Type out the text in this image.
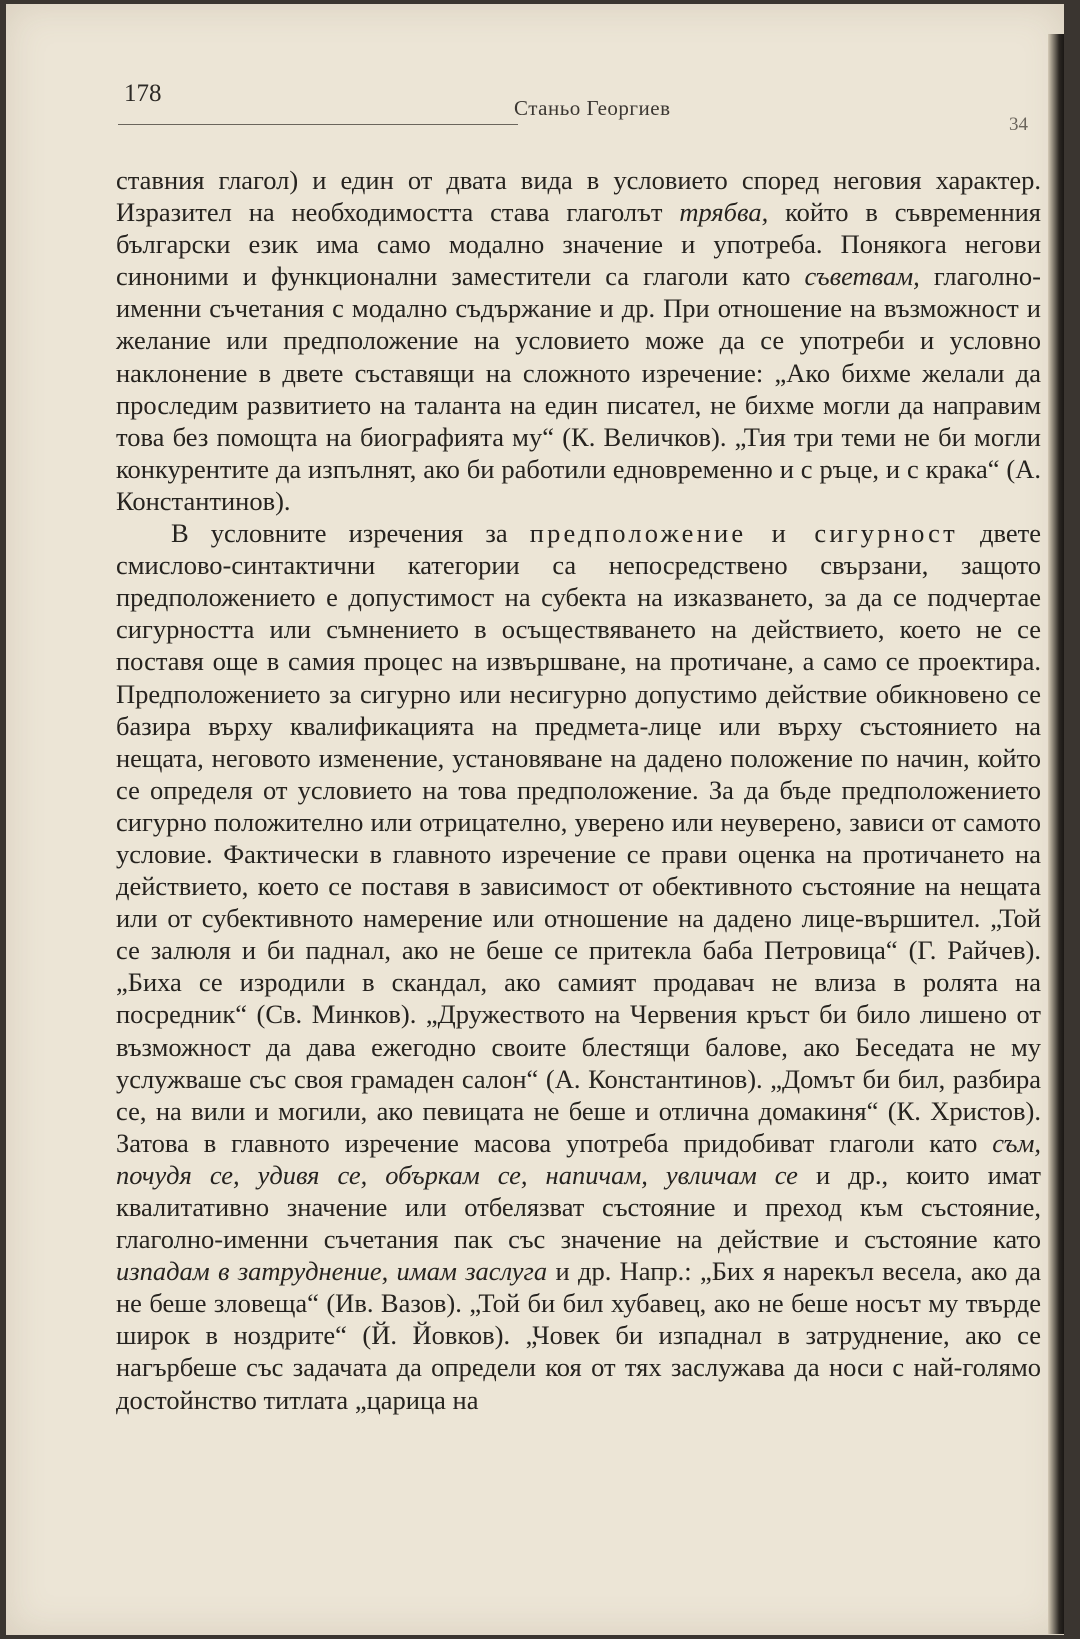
178
Станьо Георгиев
34

ставния глагол) и един от двата вида в условието според неговия характер. Изразител на необходимостта става глаголът трябва, който в съвременния български език има само модално значение и употреба. Понякога негови синоними и функционални заместители са глаголи като съветвам, глаголно-именни съчетания с модално съдържание и др. При отношение на възможност и желание или предположение на условието може да се употреби и условно наклонение в двете съставящи на сложното изречение: „Ако бихме желали да проследим развитието на таланта на един писател, не бихме могли да направим това без помощта на биографията му“ (К. Величков). „Тия три теми не би могли конкурентите да изпълнят, ако би работили едновременно и с ръце, и с крака“ (А. Константинов).

В условните изречения за предположение и сигурност двете смислово-синтактични категории са непосредствено свързани, защото предположението е допустимост на субекта на изказването, за да се подчертае сигурността или съмнението в осъществяването на действието, което не се поставя още в самия процес на извършване, на протичане, а само се проектира. Предположението за сигурно или несигурно допустимо действие обикновено се базира върху квалификацията на предмета-лице или върху състоянието на нещата, неговото изменение, установяване на дадено положение по начин, който се определя от условието на това предположение. За да бъде предположението сигурно положително или отрицателно, уверено или неуверено, зависи от самото условие. Фактически в главното изречение се прави оценка на протичането на действието, което се поставя в зависимост от обективното състояние на нещата или от субективното намерение или отношение на дадено лице-вършител. „Той се залюля и би паднал, ако не беше се притекла баба Петровица“ (Г. Райчев). „Биха се изродили в скандал, ако самият продавач не влиза в ролята на посредник“ (Св. Минков). „Дружеството на Червения кръст би било лишено от възможност да дава ежегодно своите блестящи балове, ако Беседата не му услужваше със своя грамаден салон“ (А. Константинов). „Домът би бил, разбира се, на вили и могили, ако певицата не беше и отлична домакиня“ (К. Христов). Затова в главното изречение масова употреба придобиват глаголи като съм, почудя се, удивя се, объркам се, напичам, увличам се и др., които имат квалитативно значение или отбелязват състояние и преход към състояние, глаголно-именни съчетания пак със значение на действие и състояние като изпадам в затруднение, имам заслуга и др. Напр.: „Бих я нарекъл весела, ако да не беше зловеща“ (Ив. Вазов). „Той би бил хубавец, ако не беше носът му твърде широк в ноздрите“ (Й. Йовков). „Човек би изпаднал в затруднение, ако се нагърбеше със задачата да определи коя от тях заслужава да носи с най-голямо достойнство титлата „царица на
